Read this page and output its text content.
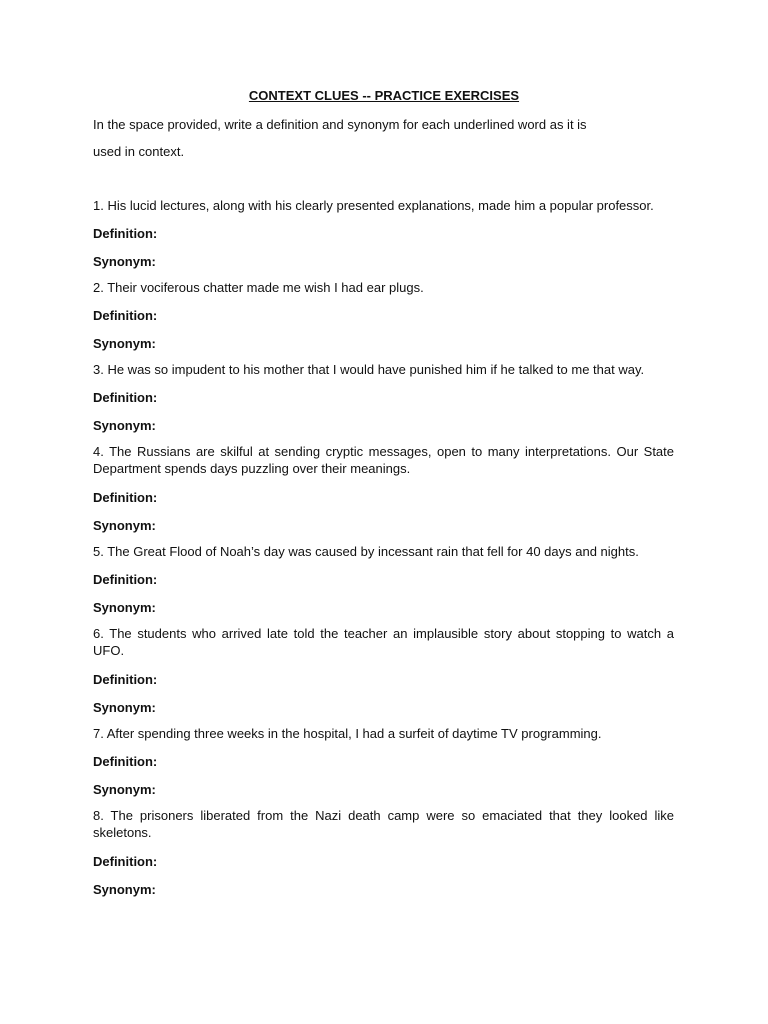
CONTEXT CLUES -- PRACTICE EXERCISES
In the space provided, write a definition and synonym for each underlined word as it is
used in context.
1. His lucid lectures, along with his clearly presented explanations, made him a popular professor.
Definition:
Synonym:
2. Their vociferous chatter made me wish I had ear plugs.
Definition:
Synonym:
3. He was so impudent to his mother that I would have punished him if he talked to me that way.
Definition:
Synonym:
4. The Russians are skilful at sending cryptic messages, open to many interpretations. Our State Department spends days puzzling over their meanings.
Definition:
Synonym:
5. The Great Flood of Noah’s day was caused by incessant rain that fell for 40 days and nights.
Definition:
Synonym:
6. The students who arrived late told the teacher an implausible story about stopping to watch a UFO.
Definition:
Synonym:
7. After spending three weeks in the hospital, I had a surfeit of daytime TV programming.
Definition:
Synonym:
8. The prisoners liberated from the Nazi death camp were so emaciated that they looked like skeletons.
Definition:
Synonym:
